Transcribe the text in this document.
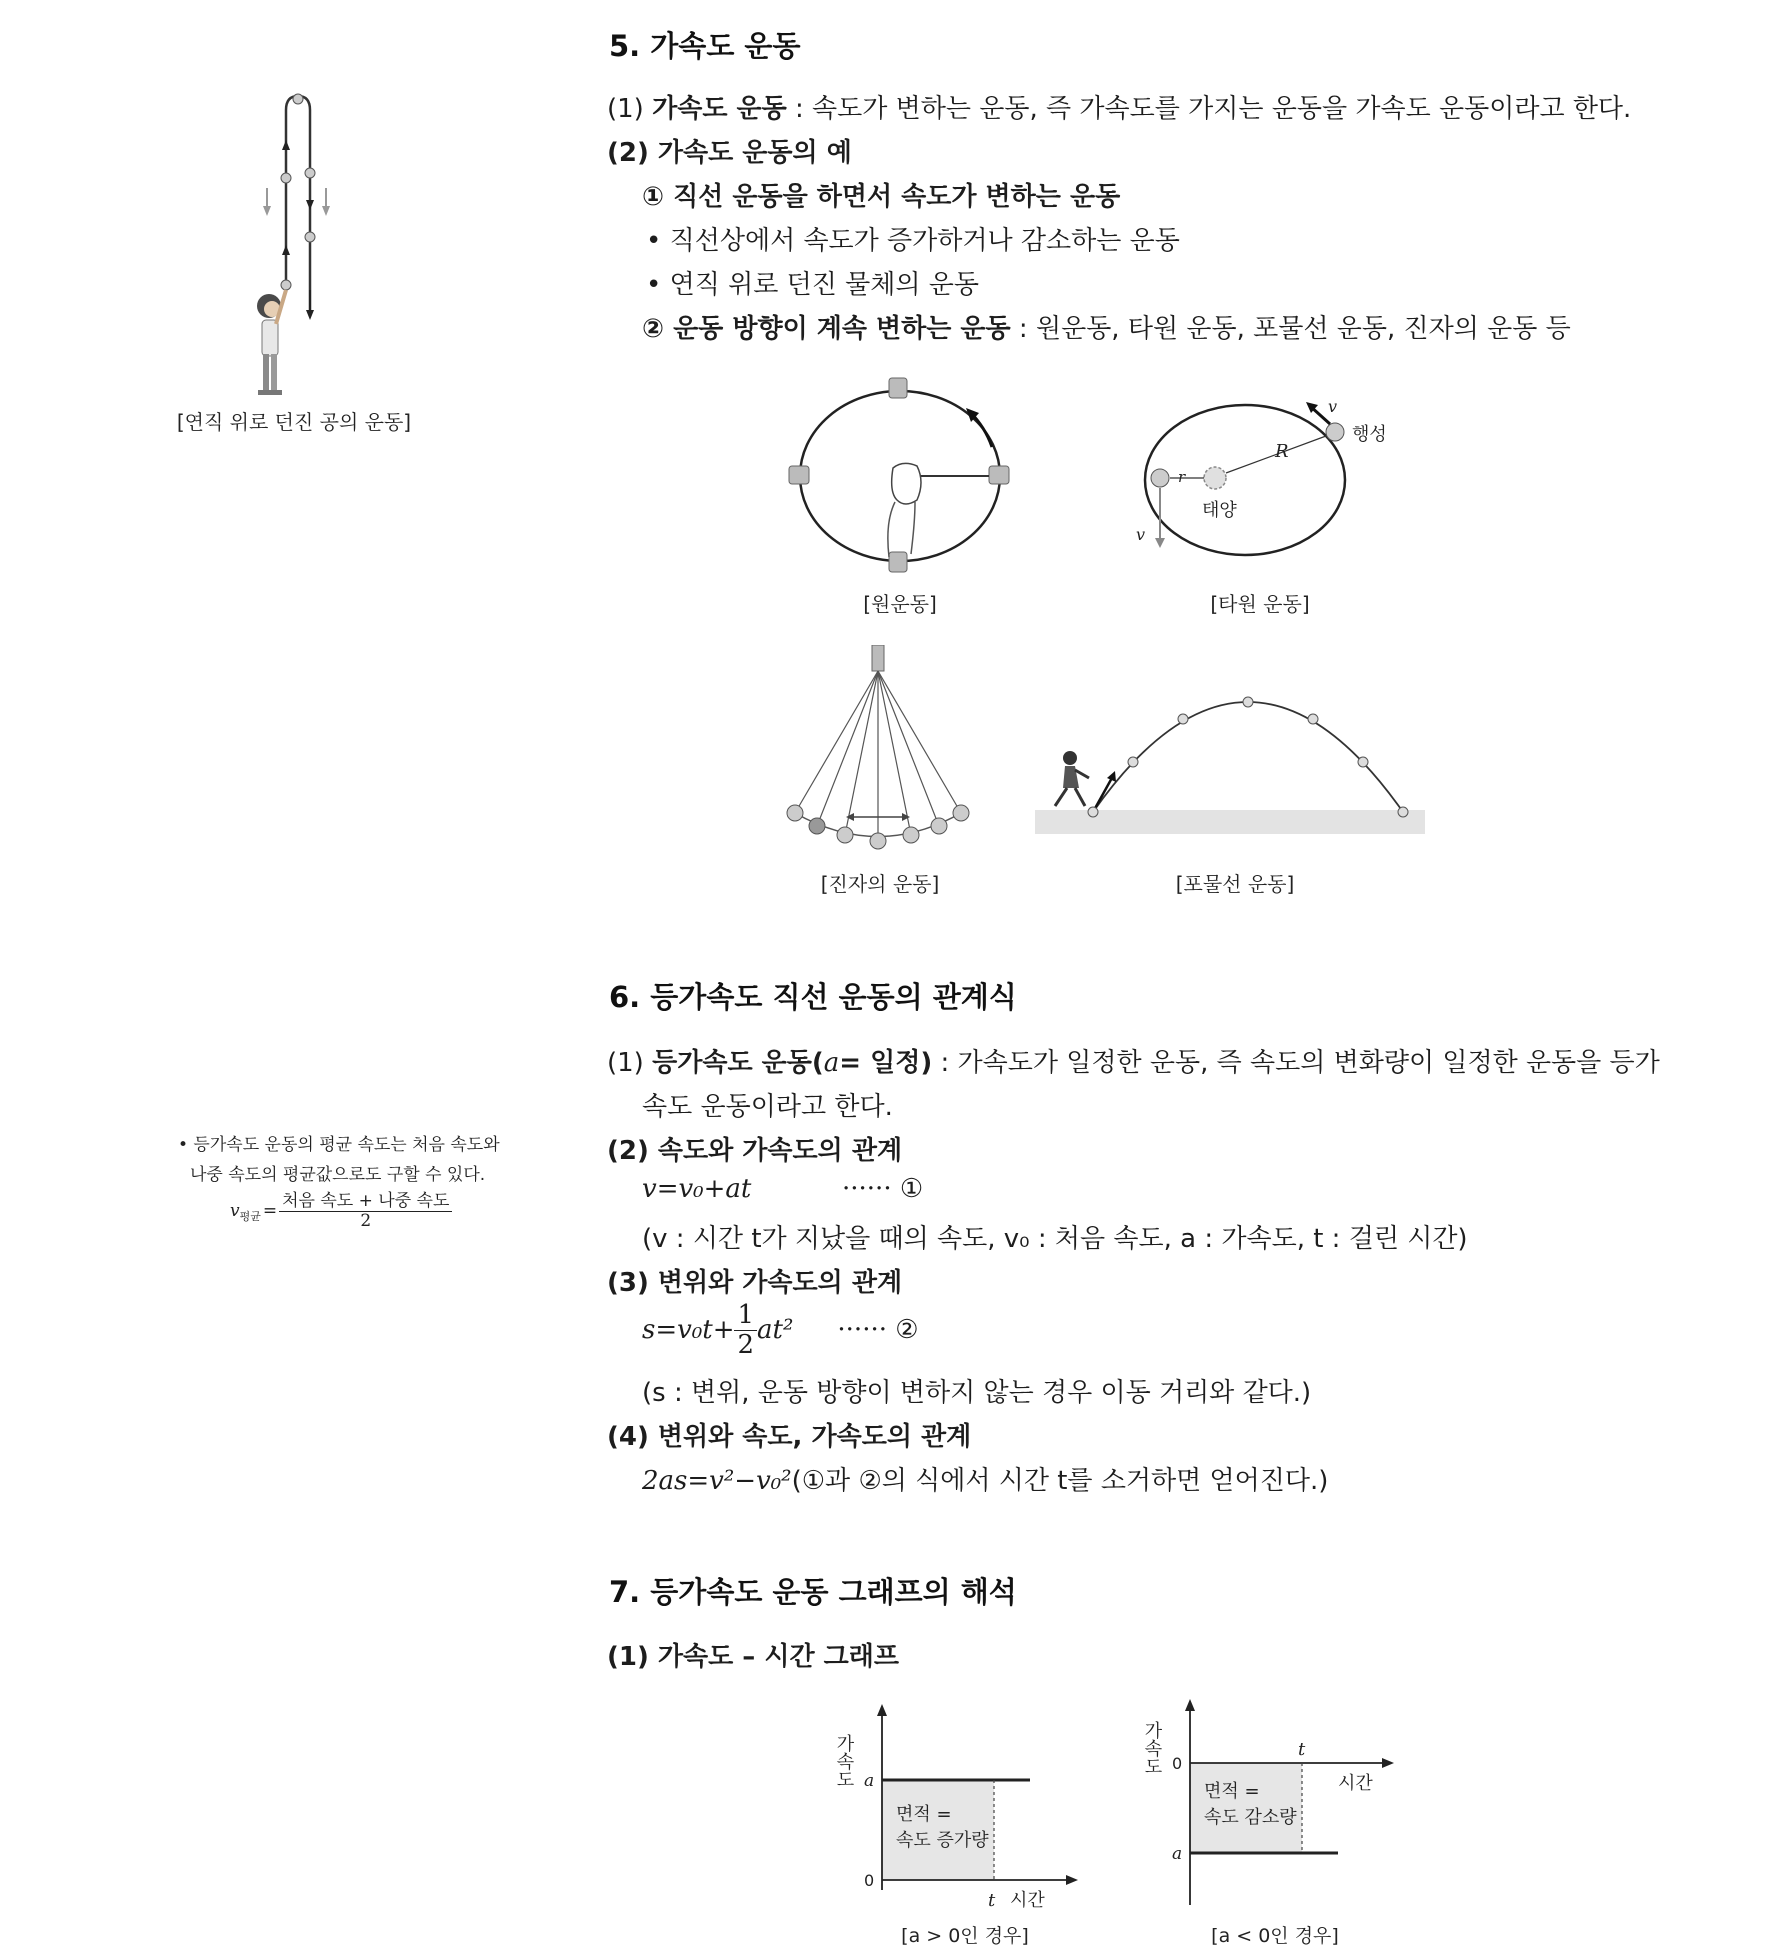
5. 가속도 운동
(1) 가속도 운동 : 속도가 변하는 운동, 즉 가속도를 가지는 운동을 가속도 운동이라고 한다.
(2) 가속도 운동의 예
① 직선 운동을 하면서 속도가 변하는 운동
• 직선상에서 속도가 증가하거나 감소하는 운동
• 연직 위로 던진 물체의 운동
② 운동 방향이 계속 변하는 운동 : 원운동, 타원 운동, 포물선 운동, 진자의 운동 등
[연직 위로 던진 공의 운동]
[원운동]
r
R
v
v
행성
태양
[타원 운동]
[진자의 운동]	[포물선 운동]
6. 등가속도 직선 운동의 관계식
(1) 등가속도 운동(a= 일정) : 가속도가 일정한 운동, 즉 속도의 변화량이 일정한 운동을 등가
속도 운동이라고 한다.
(2) 속도와 가속도의 관계
v=v₀+at	······ ①
(v : 시간 t가 지났을 때의 속도, v₀ : 처음 속도, a : 가속도, t : 걸린 시간)
(3) 변위와 가속도의 관계
$s=v_0t+ \frac{1}{2} at^2$ ······ ②
(s : 변위, 운동 방향이 변하지 않는 경우 이동 거리와 같다.)
(4) 변위와 속도, 가속도의 관계
2as=v²−v₀²(①과 ②의 식에서 시간 t를 소거하면 얻어진다.)
• 등가속도 운동의 평균 속도는 처음 속도와
나중 속도의 평균값으로도 구할 수 있다.
v 평균 = $\frac{\text{처음 속도 + 나중 속도}}{2}$
7. 등가속도 운동 그래프의 해석
(1) 가속도 – 시간 그래프
가속도 a
0
t 시간
면적 =
속도 증가량
[a > 0인 경우]
가속도 0
a
t
시간
면적 =
속도 감소량
[a < 0인 경우]
